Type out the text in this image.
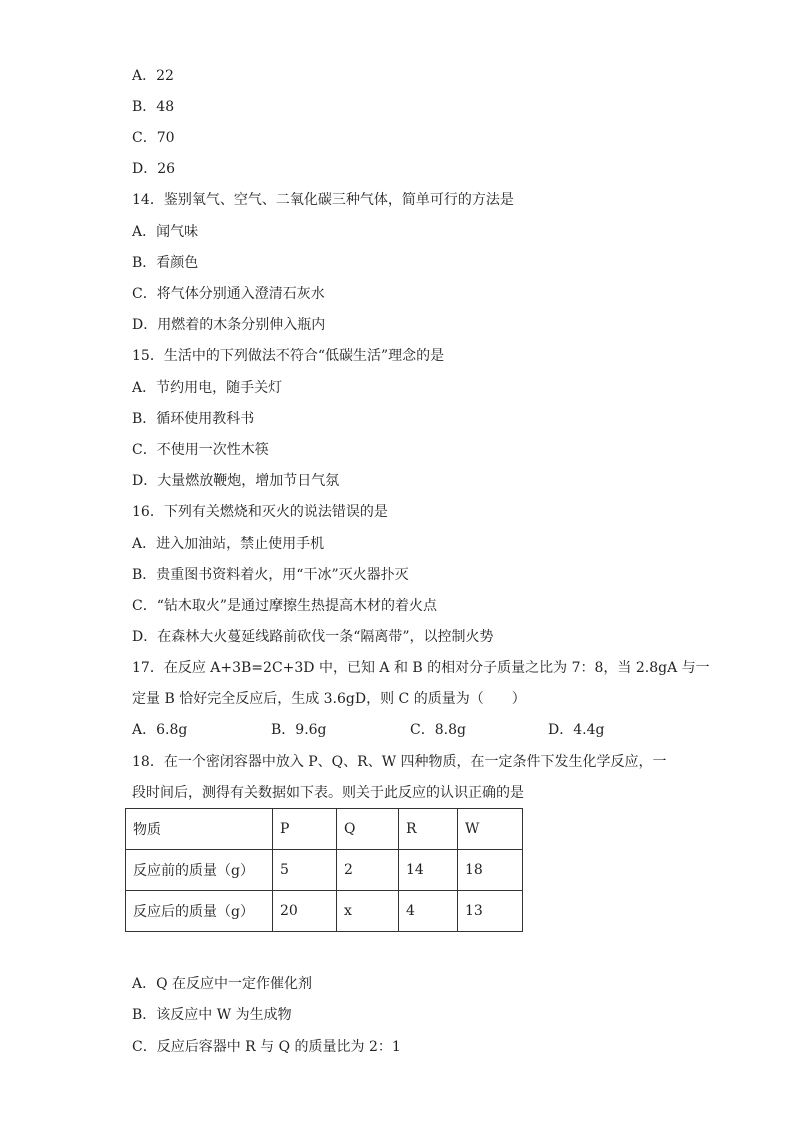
A．22
B．48
C．70
D．26
14．鉴别氧气、空气、二氧化碳三种气体，简单可行的方法是
A．闻气味
B．看颜色
C．将气体分别通入澄清石灰水
D．用燃着的木条分别伸入瓶内
15．生活中的下列做法不符合“低碳生活”理念的是
A．节约用电，随手关灯
B．循环使用教科书
C．不使用一次性木筷
D．大量燃放鞭炮，增加节日气氛
16．下列有关燃烧和灭火的说法错误的是
A．进入加油站，禁止使用手机
B．贵重图书资料着火，用“干冰”灭火器扑灭
C．“钻木取火”是通过摩擦生热提高木材的着火点
D．在森林大火蔓延线路前砍伐一条“隔离带”，以控制火势
17．在反应 A+3B=2C+3D 中，已知 A 和 B 的相对分子质量之比为 7：8，当 2.8gA 与一
定量 B 恰好完全反应后，生成 3.6gD，则 C 的质量为（　　）
A．6.8g	B．9.6g	C．8.8g	D．4.4g
18．在一个密闭容器中放入 P、Q、R、W 四种物质，在一定条件下发生化学反应，一
段时间后，测得有关数据如下表。则关于此反应的认识正确的是
物质	P	Q	R	W
反应前的质量（g）	5	2	14	18
反应后的质量（g）	20	x	4	13
A．Q 在反应中一定作催化剂
B．该反应中 W 为生成物
C．反应后容器中 R 与 Q 的质量比为 2：1
